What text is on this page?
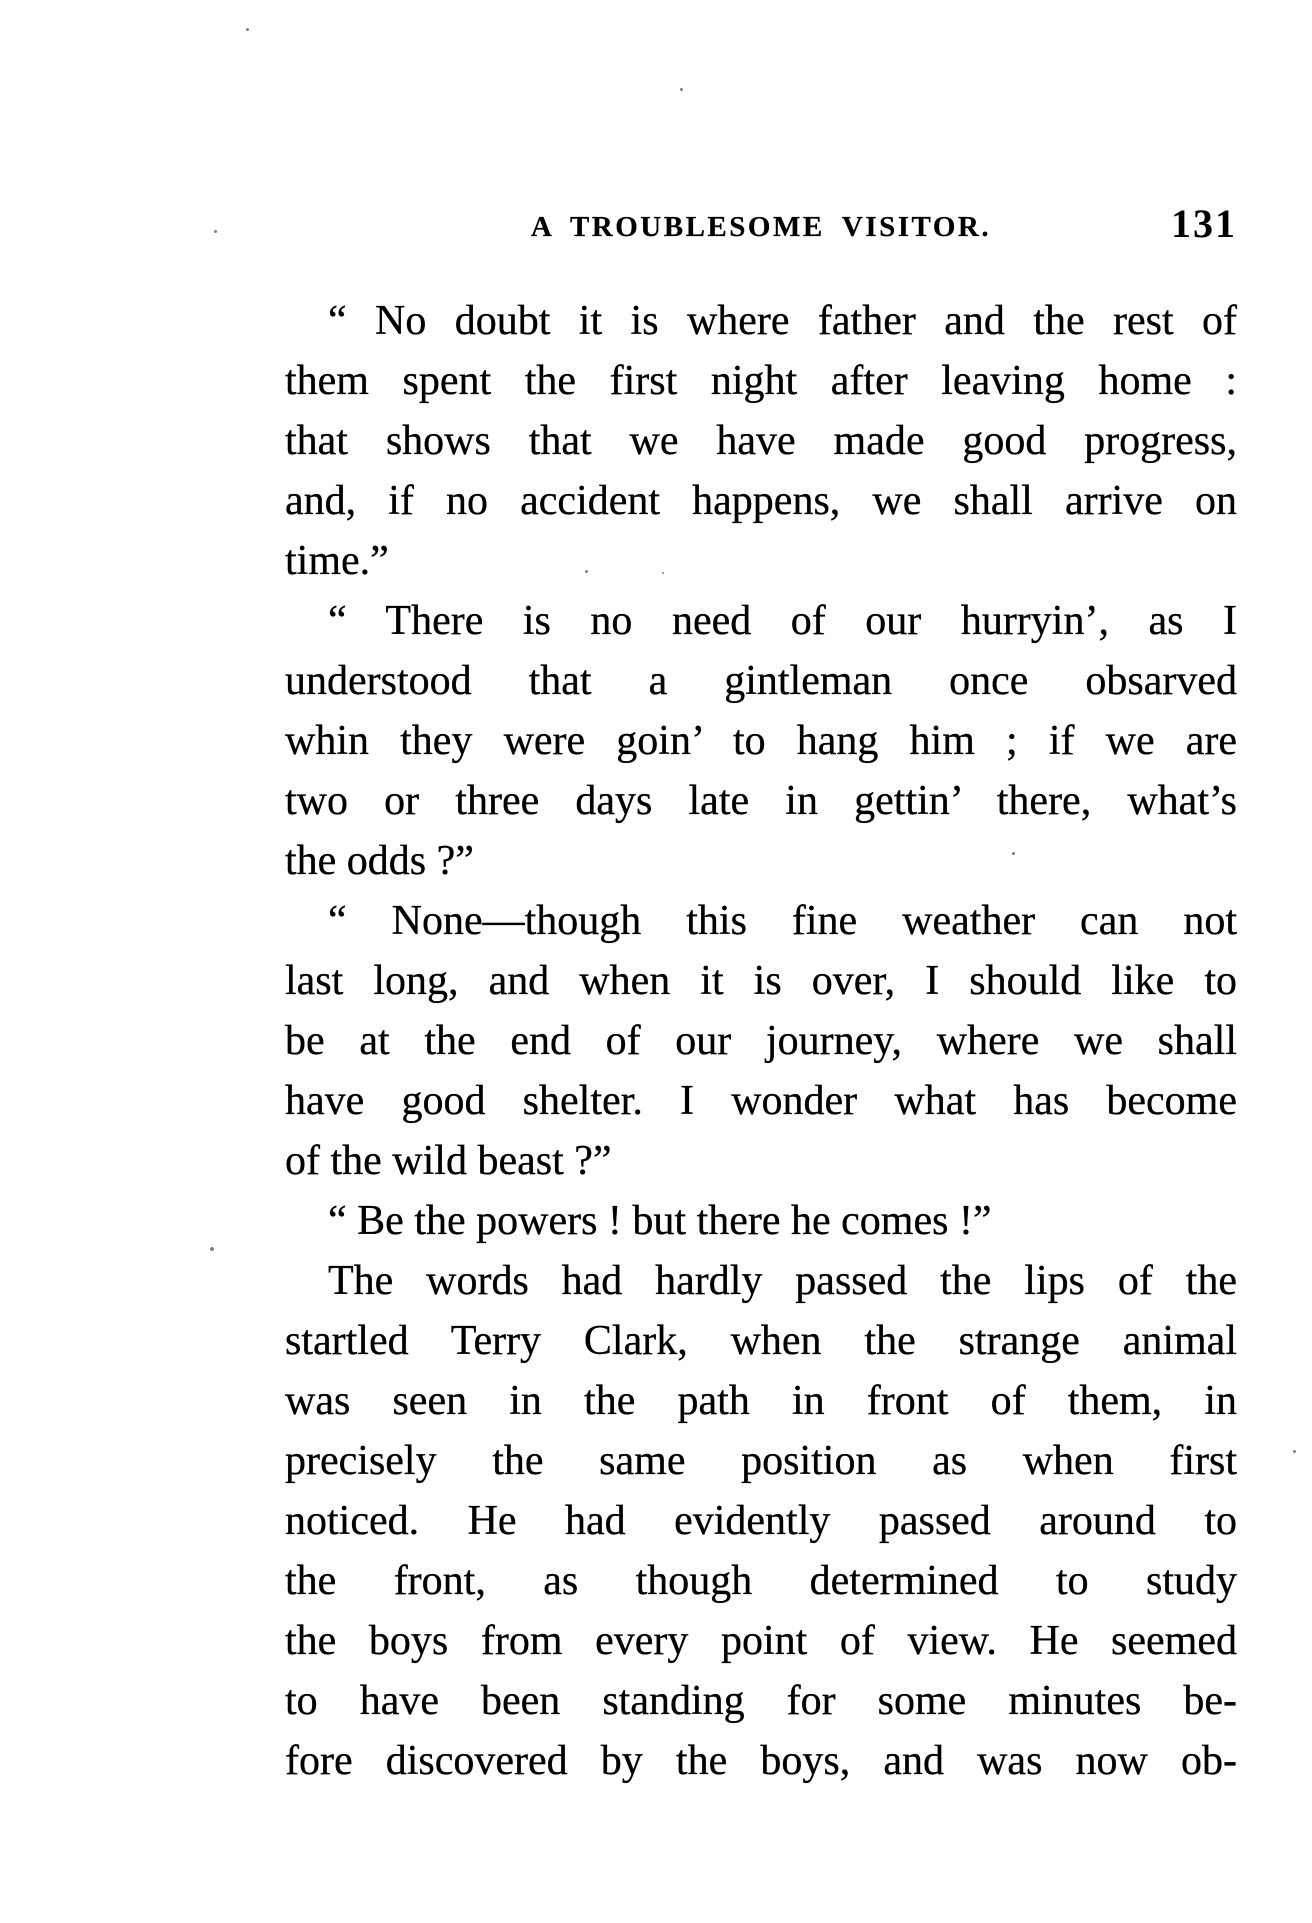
A TROUBLESOME VISITOR.	131
“ No doubt it is where father and the rest of
them spent the first night after leaving home :
that shows that we have made good progress,
and, if no accident happens, we shall arrive on
time.”
“ There is no need of our hurryin’, as I
understood that a gintleman once obsarved
whin they were goin’ to hang him ; if we are
two or three days late in gettin’ there, what’s
the odds ?”
“ None—though this fine weather can not
last long, and when it is over, I should like to
be at the end of our journey, where we shall
have good shelter. I wonder what has become
of the wild beast ?”
“ Be the powers ! but there he comes !”
The words had hardly passed the lips of the
startled Terry Clark, when the strange animal
was seen in the path in front of them, in
precisely the same position as when first
noticed. He had evidently passed around to
the front, as though determined to study
the boys from every point of view. He seemed
to have been standing for some minutes be-
fore discovered by the boys, and was now ob-
